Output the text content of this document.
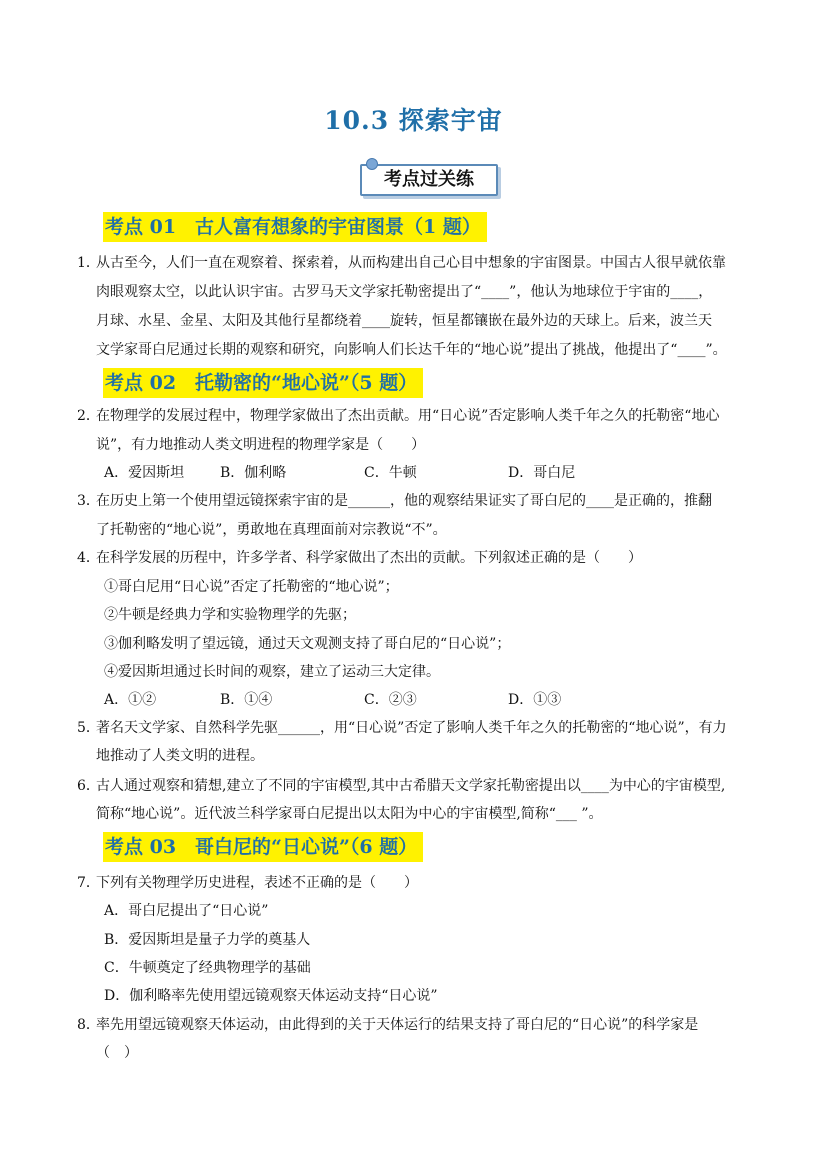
10.3 探索宇宙
考点过关练
考点 01　古人富有想象的宇宙图景（1 题）
1．
从古至今，人们一直在观察着、探索着，从而构建出自己心目中想象的宇宙图景。中国古人很早就依靠
肉眼观察太空，以此认识宇宙。古罗马天文学家托勒密提出了“____”，他认为地球位于宇宙的____，
月球、水星、金星、太阳及其他行星都绕着____旋转，恒星都镶嵌在最外边的天球上。后来，波兰天
文学家哥白尼通过长期的观察和研究，向影响人们长达千年的“地心说”提出了挑战，他提出了“____”。
考点 02　托勒密的“地心说”（5 题）
2．
在物理学的发展过程中，物理学家做出了杰出贡献。用“日心说”否定影响人类千年之久的托勒密“地心
说”，有力地推动人类文明进程的物理学家是（　　）
A．爱因斯坦	B．伽利略	C．牛顿	D．哥白尼
3．
在历史上第一个使用望远镜探索宇宙的是______，他的观察结果证实了哥白尼的____是正确的，推翻
了托勒密的“地心说”，勇敢地在真理面前对宗教说“不”。
4．
在科学发展的历程中，许多学者、科学家做出了杰出的贡献。下列叙述正确的是（　　）
①哥白尼用“日心说”否定了托勒密的“地心说”；
②牛顿是经典力学和实验物理学的先驱；
③伽利略发明了望远镜，通过天文观测支持了哥白尼的“日心说”；
④爱因斯坦通过长时间的观察，建立了运动三大定律。
A．①②	B．①④	C．②③	D．①③
5．
著名天文学家、自然科学先驱______，用“日心说”否定了影响人类千年之久的托勒密的“地心说”，有力
地推动了人类文明的进程。
6．
古人通过观察和猜想,建立了不同的宇宙模型,其中古希腊天文学家托勒密提出以____为中心的宇宙模型,
简称“地心说”。近代波兰科学家哥白尼提出以太阳为中心的宇宙模型,简称“___ ”。
考点 03　哥白尼的“日心说”（6 题）
7．
下列有关物理学历史进程，表述不正确的是（　　）
A．哥白尼提出了“日心说”
B．爱因斯坦是量子力学的奠基人
C．牛顿奠定了经典物理学的基础
D．伽利略率先使用望远镜观察天体运动支持“日心说”
8．
率先用望远镜观察天体运动，由此得到的关于天体运行的结果支持了哥白尼的“日心说”的科学家是
（　）
